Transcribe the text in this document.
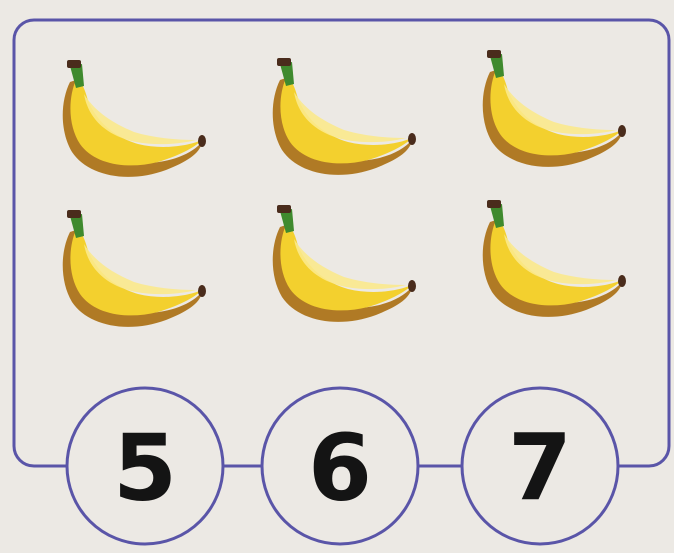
5 6 7
